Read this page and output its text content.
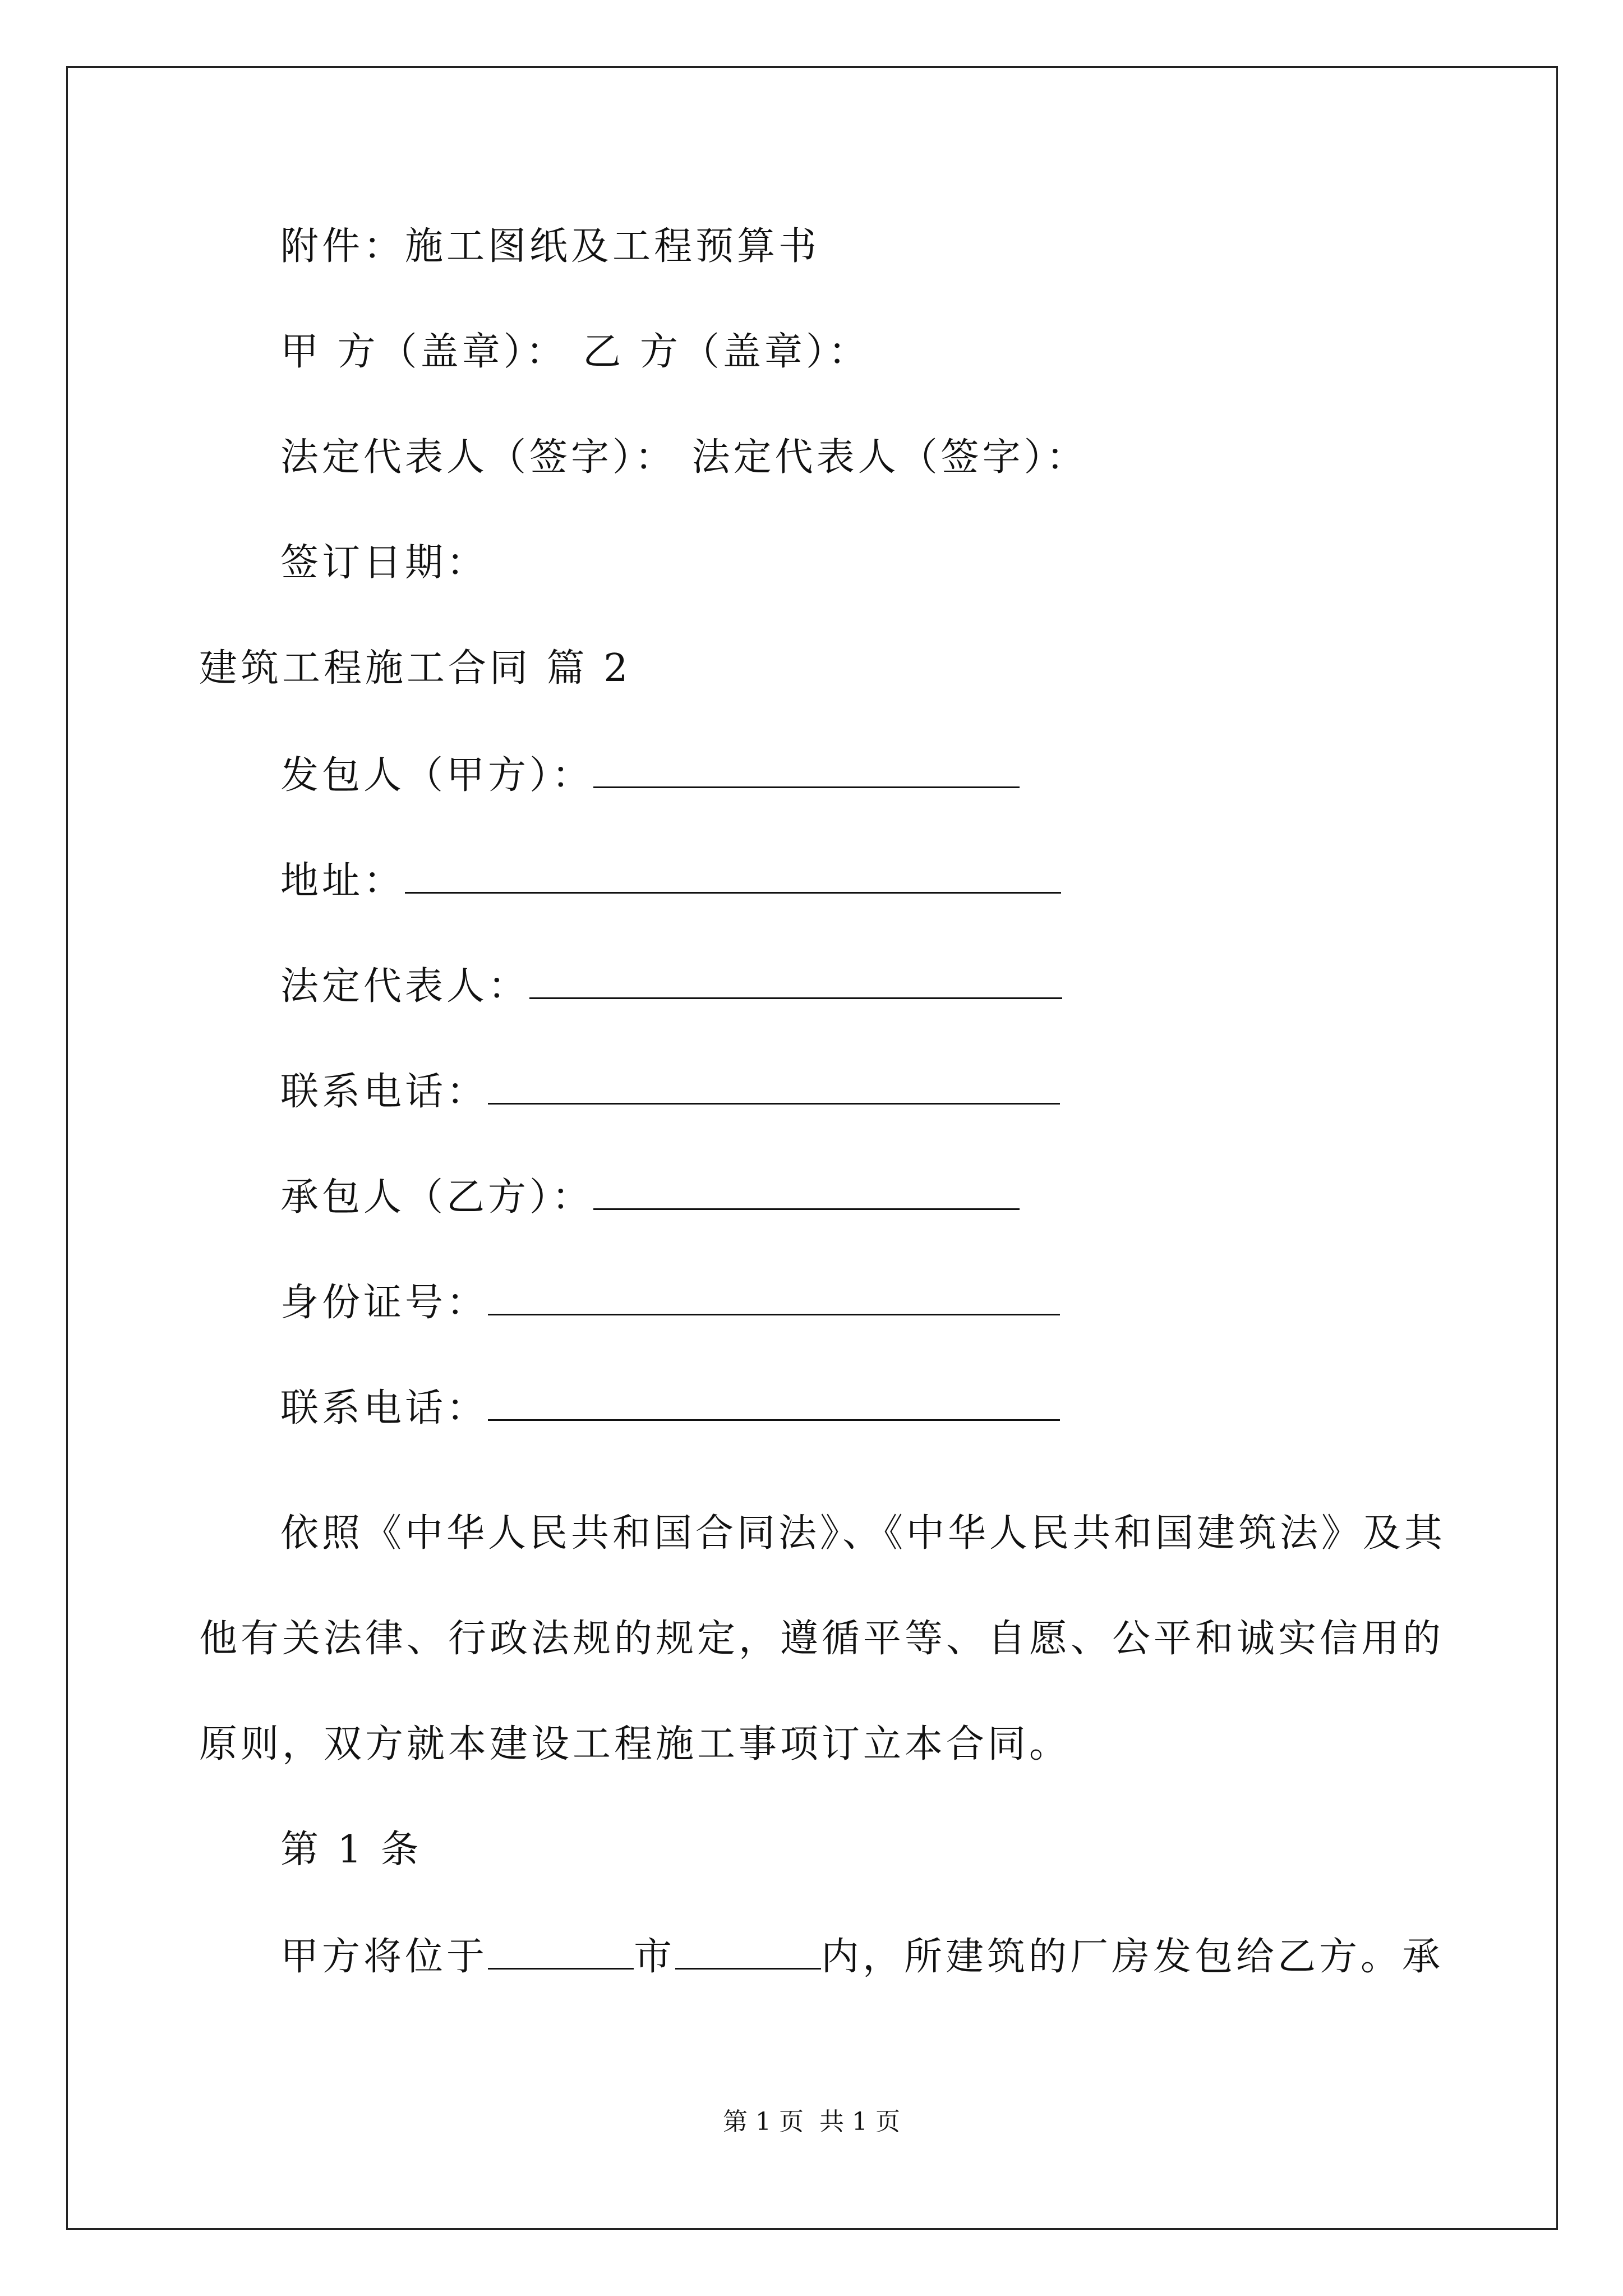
附件：施工图纸及工程预算书
甲 方（盖章）： 乙 方（盖章）：
法定代表人（签字）： 法定代表人（签字）：
签订日期：
建筑工程施工合同 篇 2
发包人（甲方）：
地址：
法定代表人：
联系电话：
承包人（乙方）：
身份证号：
联系电话：
依照《中华人民共和国合同法》、《中华人民共和国建筑法》及其
他有关法律、行政法规的规定，遵循平等、自愿、公平和诚实信用的
原则，双方就本建设工程施工事项订立本合同。
第 1 条
甲方将位于	市	内，所建筑的厂房发包给乙方。承
第 1 页 共 1 页
